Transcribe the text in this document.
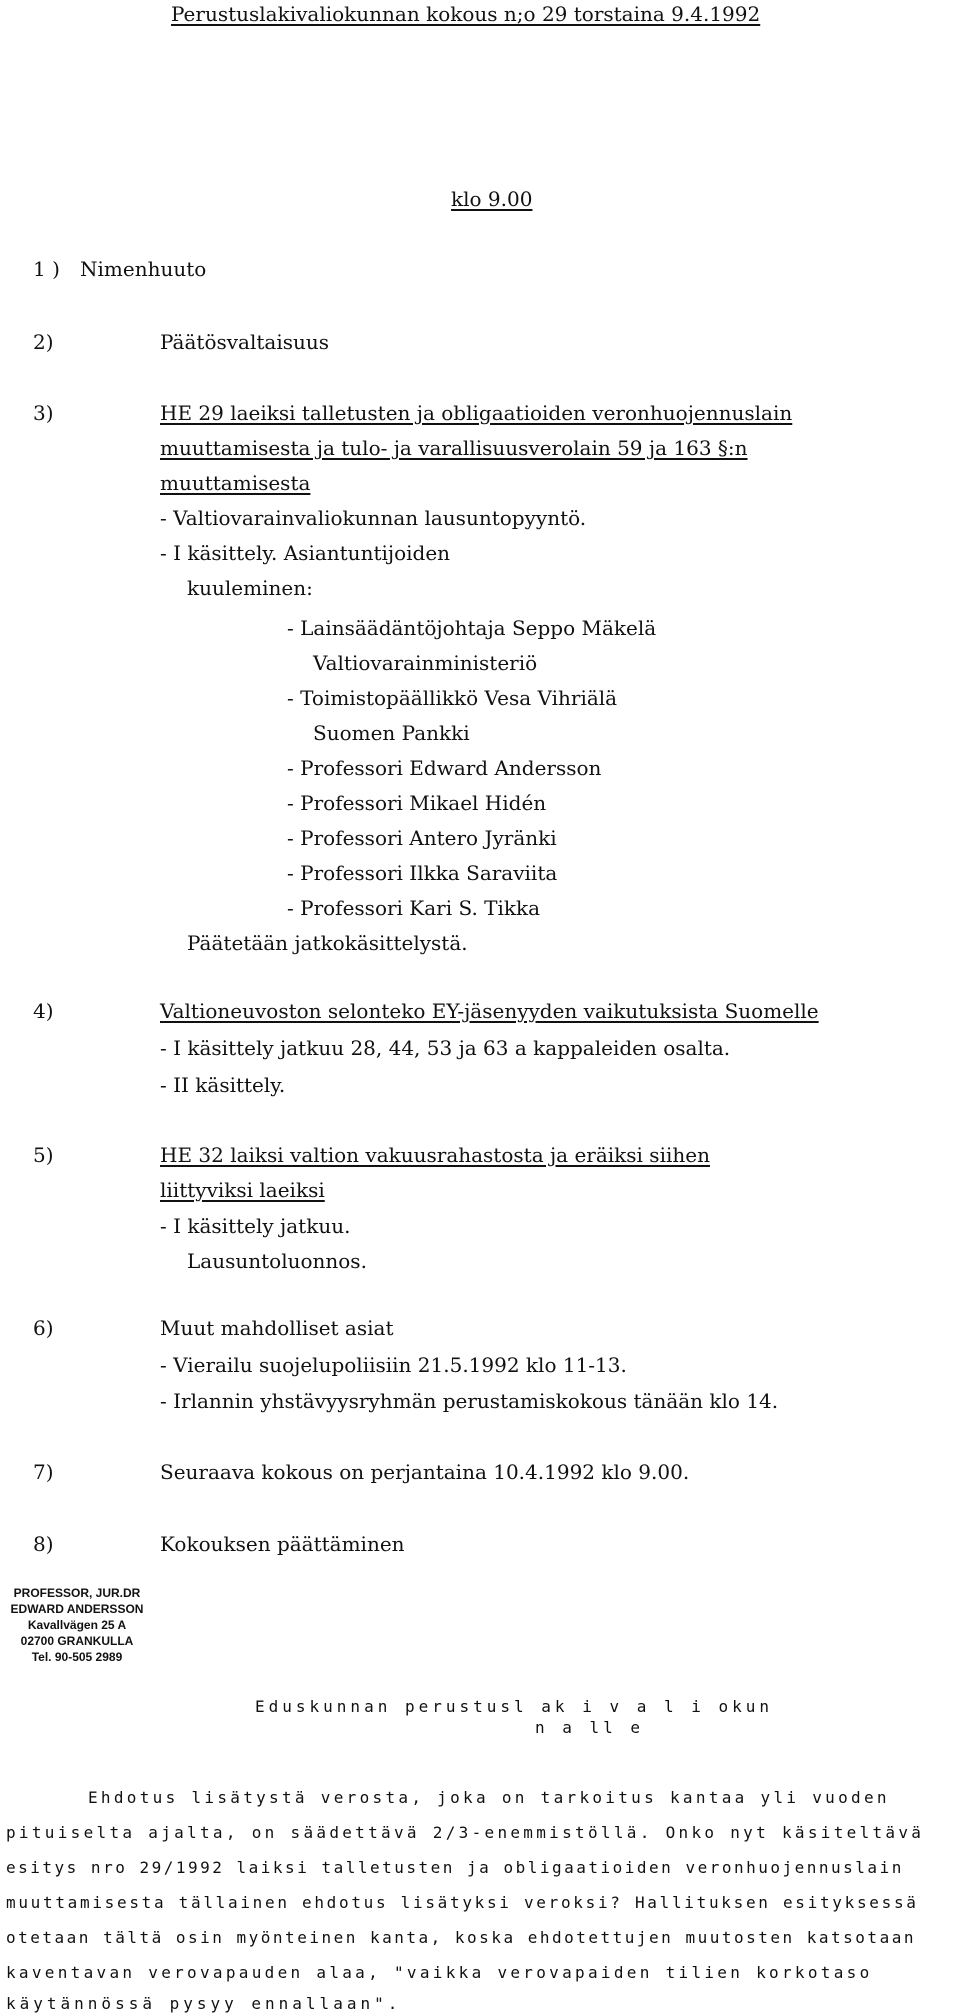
Perustuslakivaliokunnan kokous n;o 29 torstaina 9.4.1992
klo 9.00
1 ) Nimenhuuto
2)	Päätösvaltaisuus
3)	HE 29 laeiksi talletusten ja obligaatioiden veronhuojennuslain
muuttamisesta ja tulo- ja varallisuusverolain 59 ja 163 §:n
muuttamisesta
- Valtiovarainvaliokunnan lausuntopyyntö.
- I käsittely. Asiantuntijoiden
kuuleminen:
- Lainsäädäntöjohtaja Seppo Mäkelä
Valtiovarainministeriö
- Toimistopäällikkö Vesa Vihriälä
Suomen Pankki
- Professori Edward Andersson
- Professori Mikael Hidén
- Professori Antero Jyränki
- Professori Ilkka Saraviita
- Professori Kari S. Tikka
Päätetään jatkokäsittelystä.
4)	Valtioneuvoston selonteko EY-jäsenyyden vaikutuksista Suomelle
- I käsittely jatkuu 28, 44, 53 ja 63 a kappaleiden osalta.
- II käsittely.
5)	HE 32 laiksi valtion vakuusrahastosta ja eräiksi siihen
liittyviksi laeiksi
- I käsittely jatkuu.
Lausuntoluonnos.
6)	Muut mahdolliset asiat
- Vierailu suojelupoliisiin 21.5.1992 klo 11-13.
- Irlannin yhstävyysryhmän perustamiskokous tänään klo 14.
7)	Seuraava kokous on perjantaina 10.4.1992 klo 9.00.
8)	Kokouksen päättäminen
PROFESSOR, JUR.DR
EDWARD ANDERSSON
Kavallvägen 25 A
02700 GRANKULLA
Tel. 90-505 2989
Eduskunnan perustusl ak i v a l i okun
n a ll e
Ehdotus lisätystä verosta, joka on tarkoitus kantaa yli vuoden
pituiselta ajalta, on säädettävä 2/3-enemmistöllä. Onko nyt käsiteltävä
esitys nro 29/1992 laiksi talletusten ja obligaatioiden veronhuojennuslain
muuttamisesta tällainen ehdotus lisätyksi veroksi? Hallituksen esityksessä
otetaan tältä osin myönteinen kanta, koska ehdotettujen muutosten katsotaan
kaventavan verovapauden alaa, "vaikka verovapaiden tilien korkotaso
käytännössä pysyy ennallaan".
